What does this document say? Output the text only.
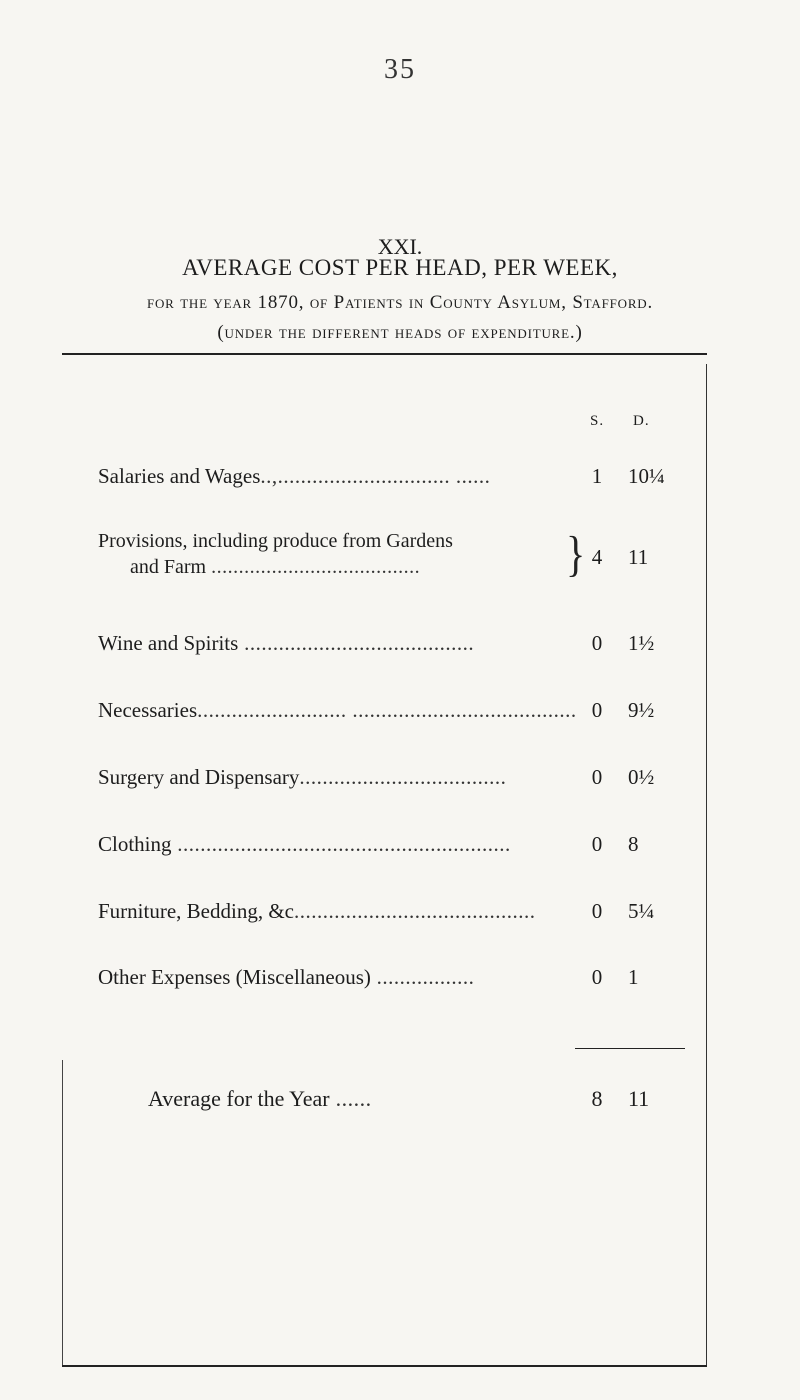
35
XXI.
AVERAGE COST PER HEAD, PER WEEK,
for the year 1870, of Patients in County Asylum, Stafford.
(under the different heads of expenditure.)
S. D.
Salaries and Wages..,.............................. ......	1	10¼
Provisions, including produce from Gardens
and Farm ......................................	} 4	11
Wine and Spirits ........................................	0	1½
Necessaries.......................... ....................................... 0	9½
Surgery and Dispensary....................................	0	0½
Clothing ..........................................................	0	8
Furniture, Bedding, &c..........................................	0	5¼
Other Expenses (Miscellaneous) .................	0	1
Average for the Year ......	8 11
